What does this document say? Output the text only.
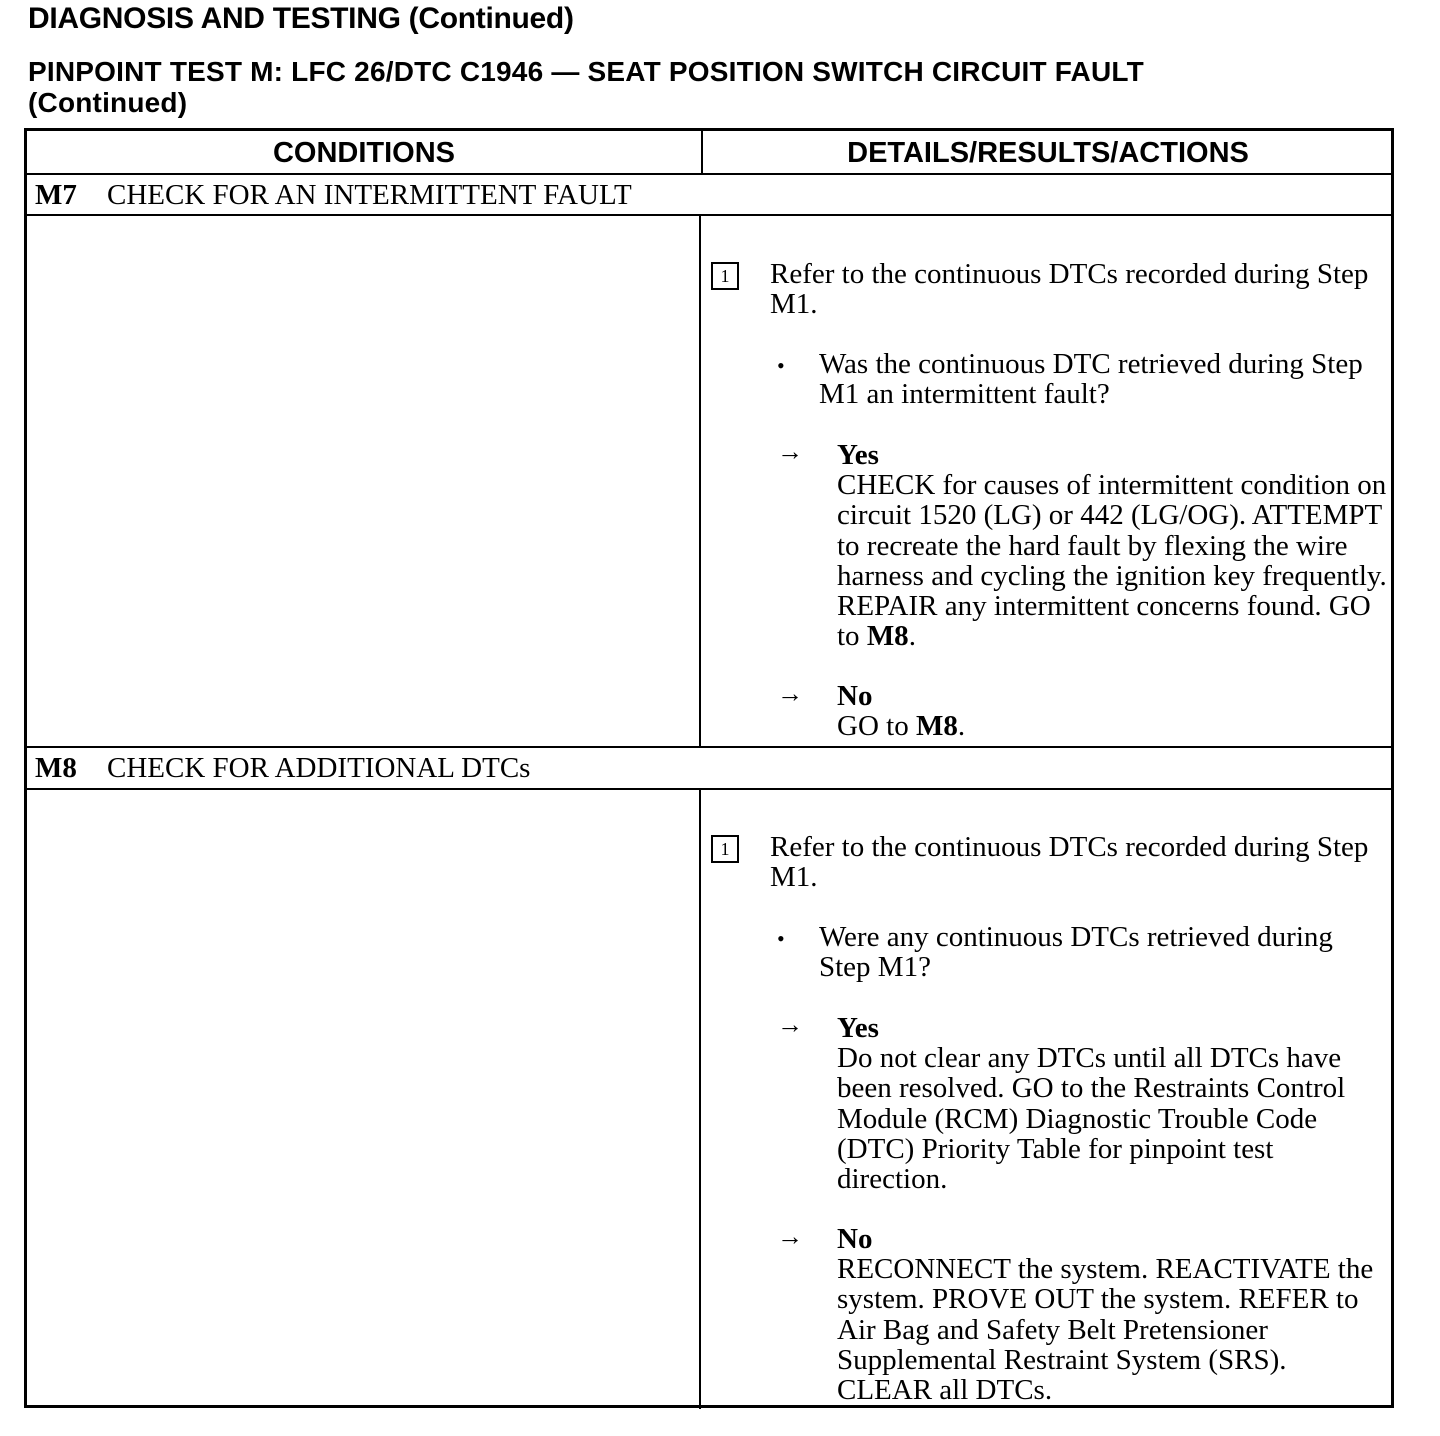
DIAGNOSIS AND TESTING (Continued)
PINPOINT TEST M: LFC 26/DTC C1946 — SEAT POSITION SWITCH CIRCUIT FAULT
(Continued)
CONDITIONS	DETAILS/RESULTS/ACTIONS
M7 CHECK FOR AN INTERMITTENT FAULT
1	Refer to the continuous DTCs recorded during Step M1.
• Was the continuous DTC retrieved during Step M1 an intermittent fault?
→ Yes
CHECK for causes of intermittent condition on circuit 1520 (LG) or 442 (LG/OG). ATTEMPT to recreate the hard fault by flexing the wire harness and cycling the ignition key frequently. REPAIR any intermittent concerns found. GO to M8.
→ No
GO to M8.
M8 CHECK FOR ADDITIONAL DTCs
1	Refer to the continuous DTCs recorded during Step M1.
• Were any continuous DTCs retrieved during Step M1?
→ Yes
Do not clear any DTCs until all DTCs have been resolved. GO to the Restraints Control Module (RCM) Diagnostic Trouble Code (DTC) Priority Table for pinpoint test direction.
→ No
RECONNECT the system. REACTIVATE the system. PROVE OUT the system. REFER to Air Bag and Safety Belt Pretensioner Supplemental Restraint System (SRS). CLEAR all DTCs.
